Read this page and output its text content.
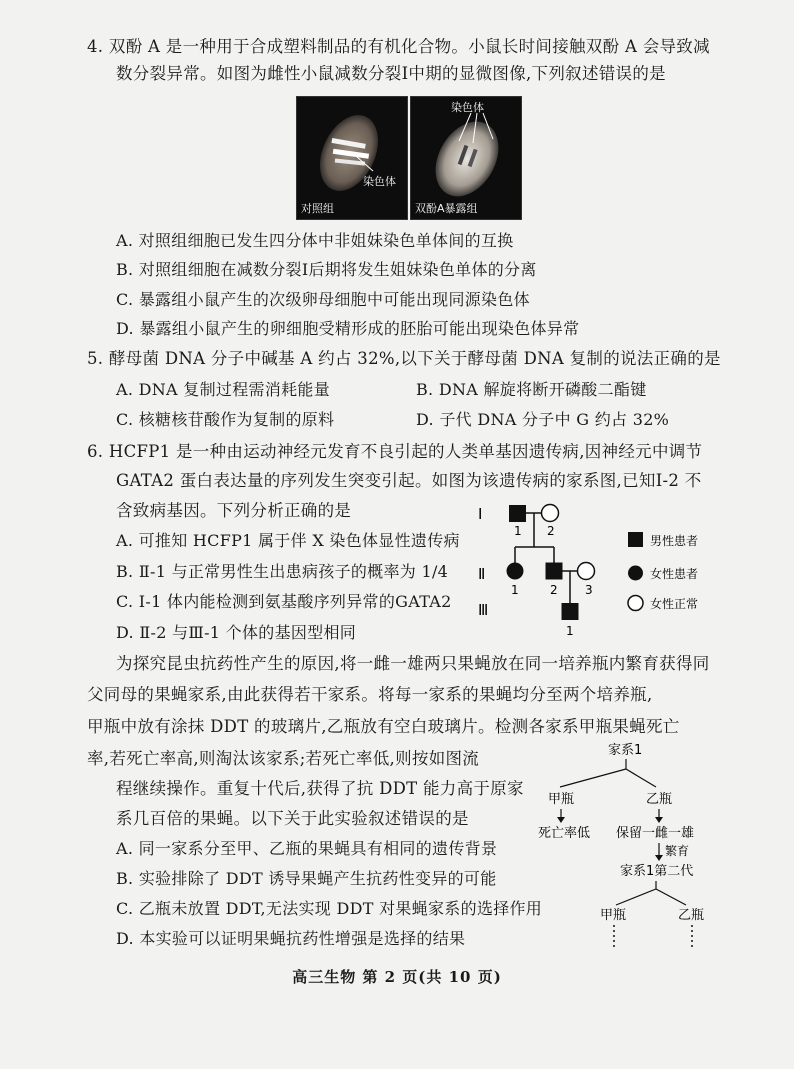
4. 双酚 A 是一种用于合成塑料制品的有机化合物。小鼠长时间接触双酚 A 会导致减
数分裂异常。如图为雌性小鼠减数分裂Ⅰ中期的显微图像,下列叙述错误的是
染色体
对照组
染色体
双酚A暴露组
A. 对照组细胞已发生四分体中非姐妹染色单体间的互换
B. 对照组细胞在减数分裂Ⅰ后期将发生姐妹染色单体的分离
C. 暴露组小鼠产生的次级卵母细胞中可能出现同源染色体
D. 暴露组小鼠产生的卵细胞受精形成的胚胎可能出现染色体异常
5. 酵母菌 DNA 分子中碱基 A 约占 32%,以下关于酵母菌 DNA 复制的说法正确的是
A. DNA 复制过程需消耗能量	B. DNA 解旋将断开磷酸二酯键
C. 核糖核苷酸作为复制的原料	D. 子代 DNA 分子中 G 约占 32%
6. HCFP1 是一种由运动神经元发育不良引起的人类单基因遗传病,因神经元中调节
GATA2 蛋白表达量的序列发生突变引起。如图为该遗传病的家系图,已知Ⅰ-2 不
含致病基因。下列分析正确的是
A. 可推知 HCFP1 属于伴 X 染色体显性遗传病
B. Ⅱ-1 与正常男性生出患病孩子的概率为 1/4
C. Ⅰ-1 体内能检测到氨基酸序列异常的GATA2
D. Ⅱ-2 与Ⅲ-1 个体的基因型相同
Ⅰ
Ⅱ
Ⅲ
1 2
1	2 3
1
男性患者
女性患者
女性正常
为探究昆虫抗药性产生的原因,将一雌一雄两只果蝇放在同一培养瓶内繁育获得同
父同母的果蝇家系,由此获得若干家系。将每一家系的果蝇均分至两个培养瓶,
甲瓶中放有涂抹 DDT 的玻璃片,乙瓶放有空白玻璃片。检测各家系甲瓶果蝇死亡
率,若死亡率高,则淘汰该家系;若死亡率低,则按如图流
程继续操作。重复十代后,获得了抗 DDT 能力高于原家
系几百倍的果蝇。以下关于此实验叙述错误的是
A. 同一家系分至甲、乙瓶的果蝇具有相同的遗传背景
B. 实验排除了 DDT 诱导果蝇产生抗药性变异的可能
C. 乙瓶未放置 DDT,无法实现 DDT 对果蝇家系的选择作用
D. 本实验可以证明果蝇抗药性增强是选择的结果
家系1
甲瓶	乙瓶
死亡率低 保留一雌一雄
繁育
家系1第二代
甲瓶	乙瓶
高三生物 第 2 页(共 10 页)
